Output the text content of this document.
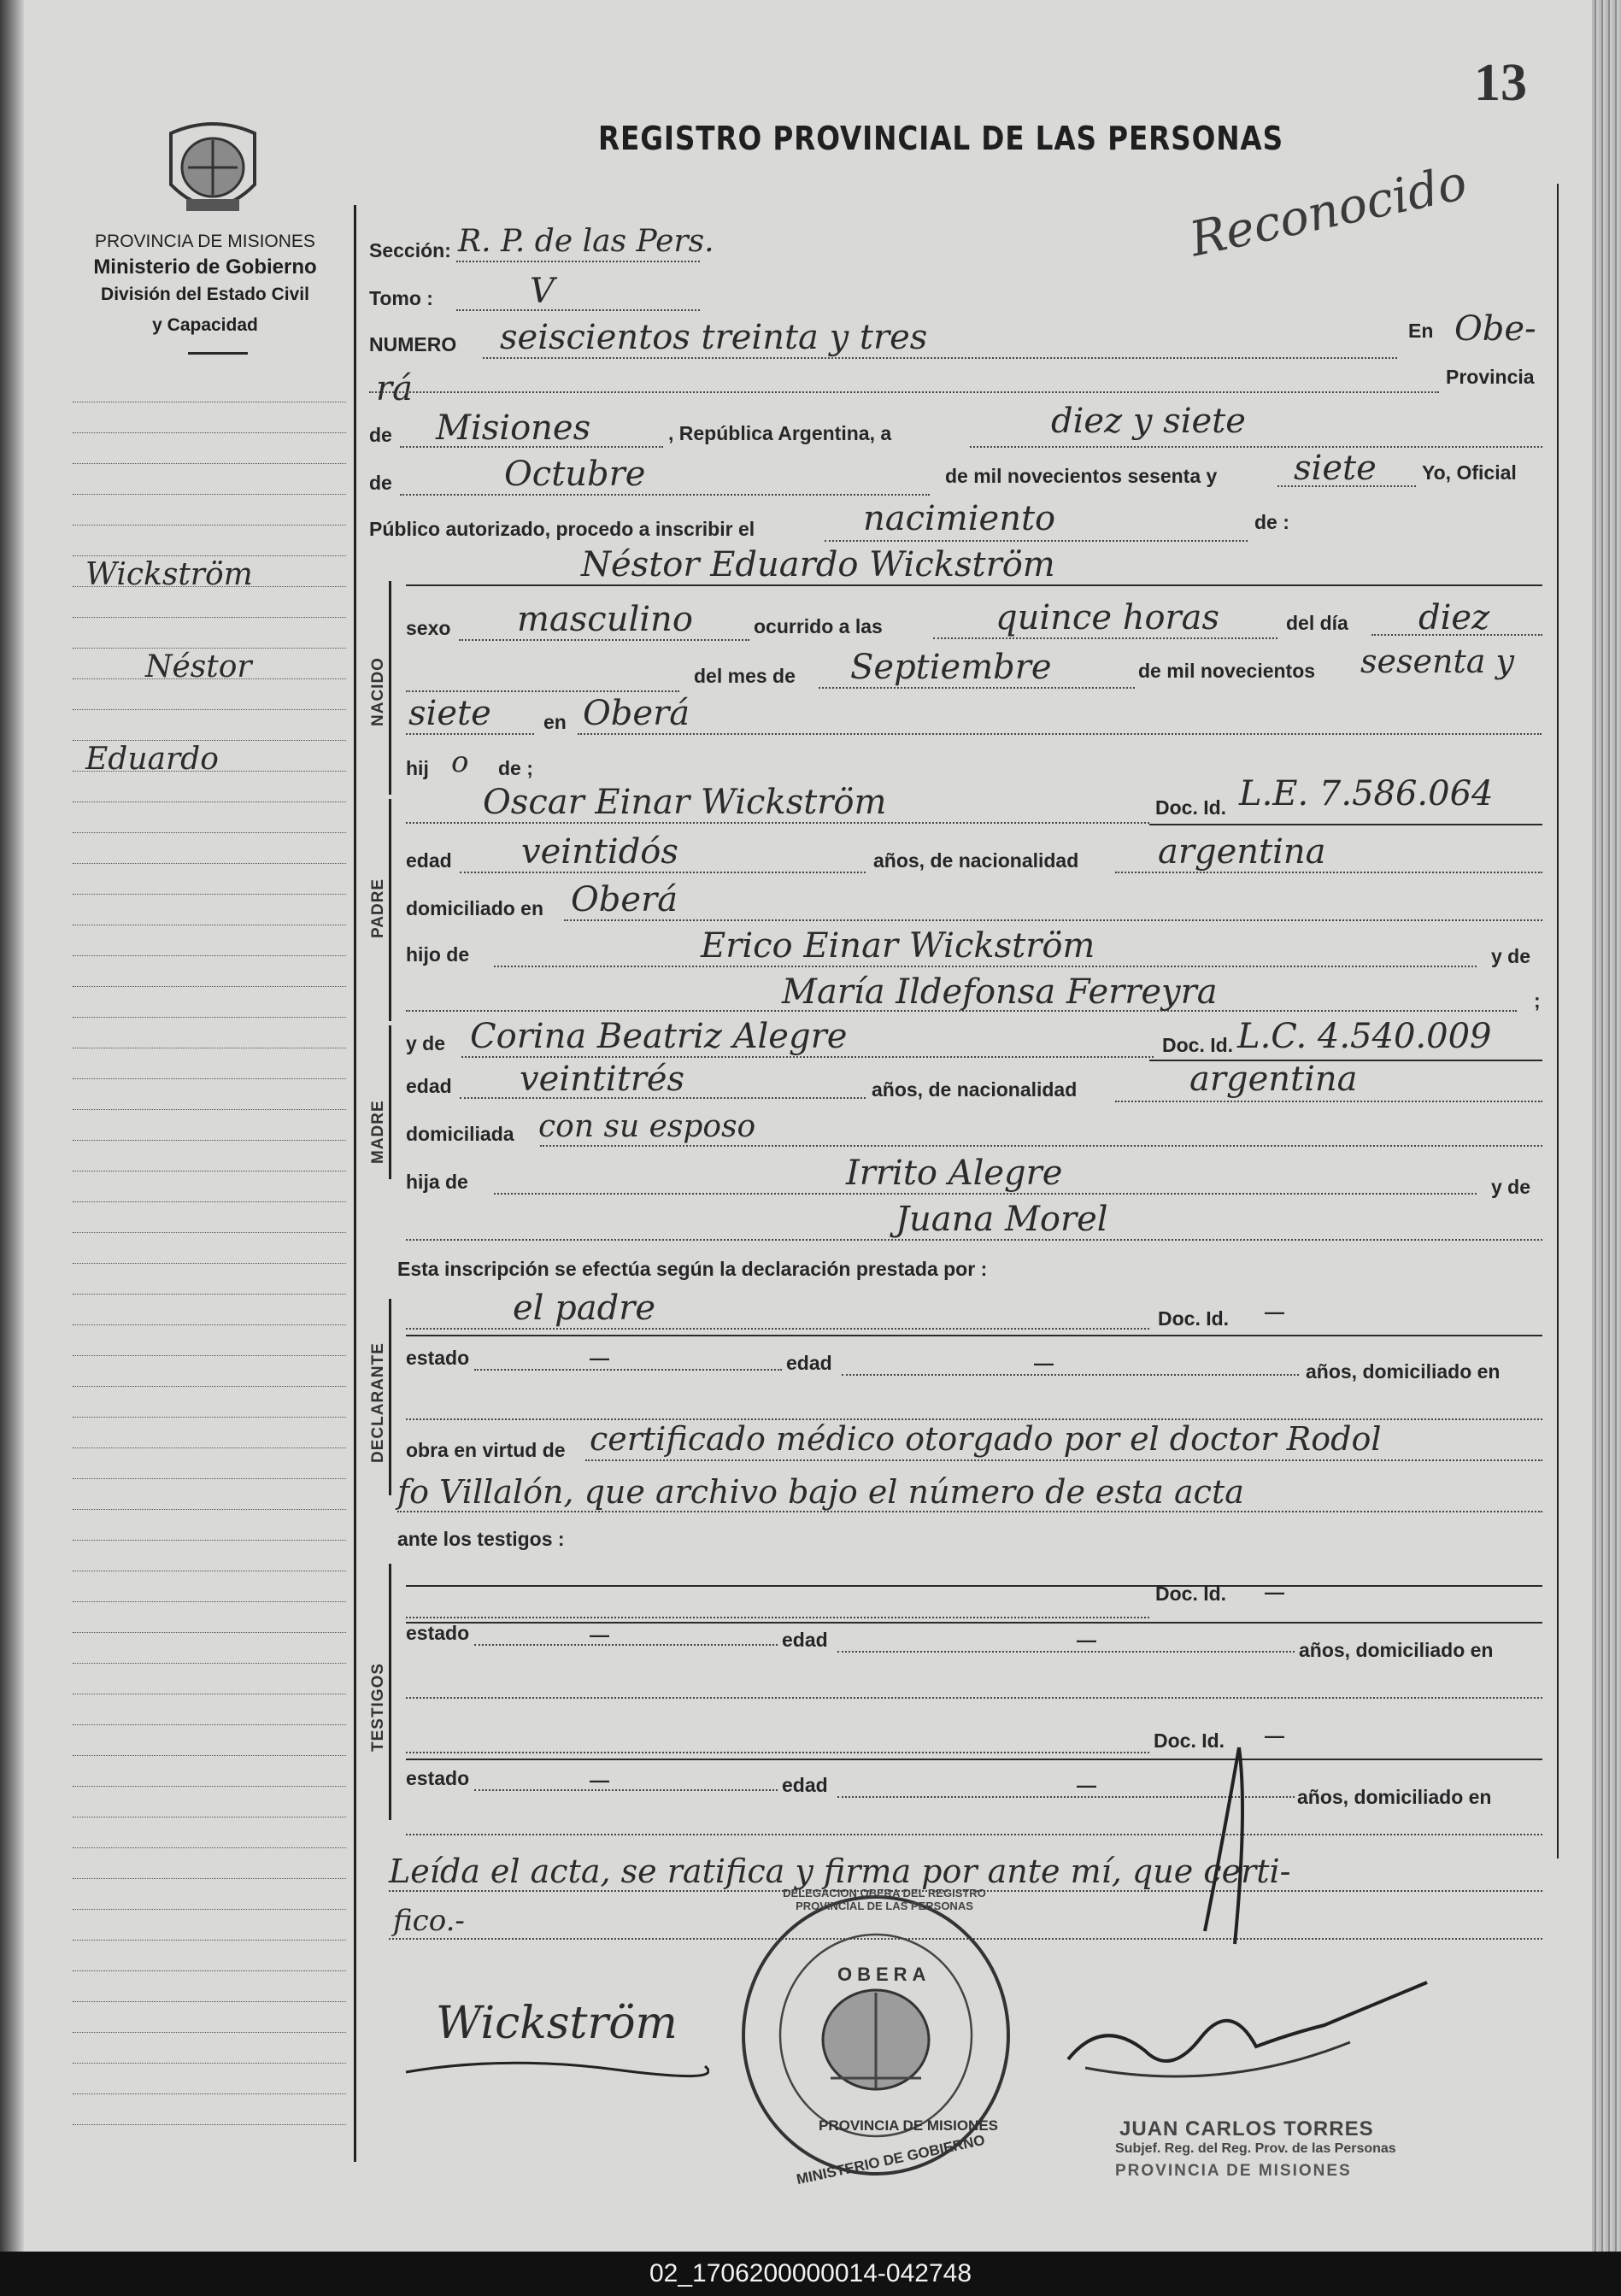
13
REGISTRO PROVINCIAL DE LAS PERSONAS
Reconocido
PROVINCIA DE MISIONES
Ministerio de Gobierno
División del Estado Civil
y Capacidad
Wickström
Néstor
Eduardo
Sección: R. P. de las Pers.
Tomo :	V
NUMERO seiscientos treinta y tres	En Obe-
rá	Provincia
de Misiones	, República Argentina, a	diez y siete
de	Octubre	de mil novecientos sesenta y siete Yo, Oficial
Público autorizado, procedo a inscribir el	nacimiento	de :
Néstor Eduardo Wickström
NACIDO
sexo masculino	ocurrido a las	quince horas	del día diez
del mes de Septiembre	de mil novecientos sesenta y
siete	en Oberá
hij o de ;
PADRE
Oscar Einar Wickström	Doc. Id. L.E. 7.586.064
edad veintidós	años, de nacionalidad argentina
domiciliado en Oberá
hijo de	Erico Einar Wickström	y de
María Ildefonsa Ferreyra	;
MADRE
y de Corina Beatriz Alegre	Doc. Id. L.C. 4.540.009
edad veintitrés	años, de nacionalidad	argentina
domiciliada con su esposo
hija de	Irrito Alegre	y de
Juana Morel
Esta inscripción se efectúa según la declaración prestada por :
DECLARANTE
el padre	Doc. Id. —
estado	—	edad	—	años, domiciliado en
obra en virtud de certificado médico otorgado por el doctor Rodol
fo Villalón, que archivo bajo el número de esta acta
ante los testigos :
TESTIGOS
Doc. Id. —
estado	—	edad	—	años, domiciliado en
Doc. Id. —
estado	—	edad	—
años, domiciliado en
Leída el acta, se ratifica y firma por ante mí, que certi-
fico.-
Wickström
JUAN CARLOS TORRES
Subjef. Reg. del Reg. Prov. de las Personas
PROVINCIA DE MISIONES
OBERA
PROVINCIA DE MISIONES
MINISTERIO DE GOBIERNO
DELEGACION OBERA DEL REGISTRO PROVINCIAL DE LAS PERSONAS
02_1706200000014-042748
